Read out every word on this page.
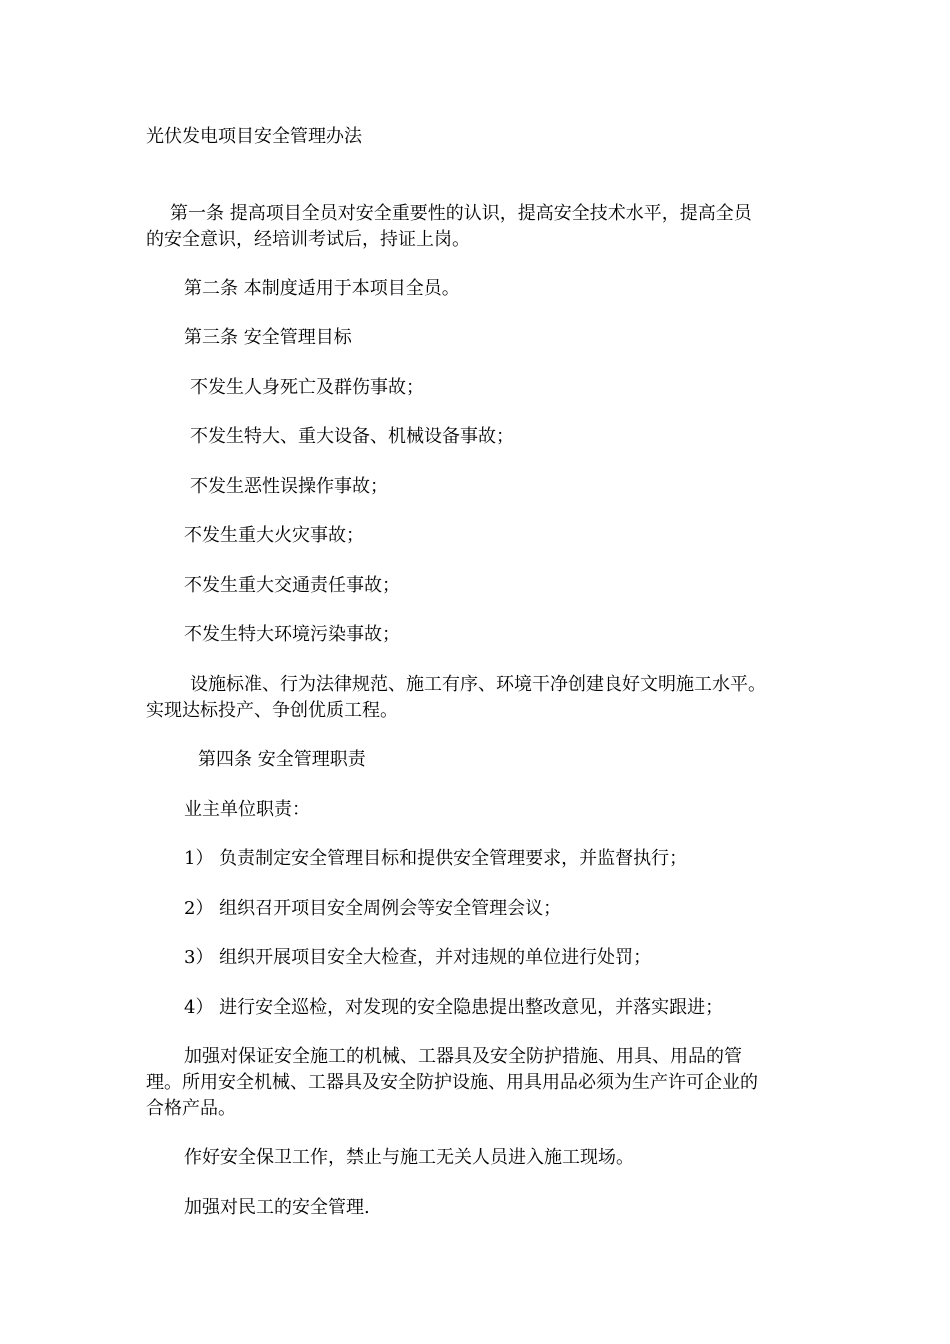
光伏发电项目安全管理办法
第一条 提高项目全员对安全重要性的认识，提高安全技术水平，提高全员
的安全意识，经培训考试后，持证上岗。
第二条 本制度适用于本项目全员。
第三条 安全管理目标
不发生人身死亡及群伤事故；
不发生特大、重大设备、机械设备事故；
不发生恶性误操作事故；
不发生重大火灾事故；
不发生重大交通责任事故；
不发生特大环境污染事故；
设施标准、行为法律规范、施工有序、环境干净创建良好文明施工水平。
实现达标投产、争创优质工程。
第四条 安全管理职责
业主单位职责：
1） 负责制定安全管理目标和提供安全管理要求，并监督执行；
2） 组织召开项目安全周例会等安全管理会议；
3） 组织开展项目安全大检查，并对违规的单位进行处罚；
4） 进行安全巡检，对发现的安全隐患提出整改意见，并落实跟进；
加强对保证安全施工的机械、工器具及安全防护措施、用具、用品的管
理。所用安全机械、工器具及安全防护设施、用具用品必须为生产许可企业的
合格产品。
作好安全保卫工作，禁止与施工无关人员进入施工现场。
加强对民工的安全管理.
